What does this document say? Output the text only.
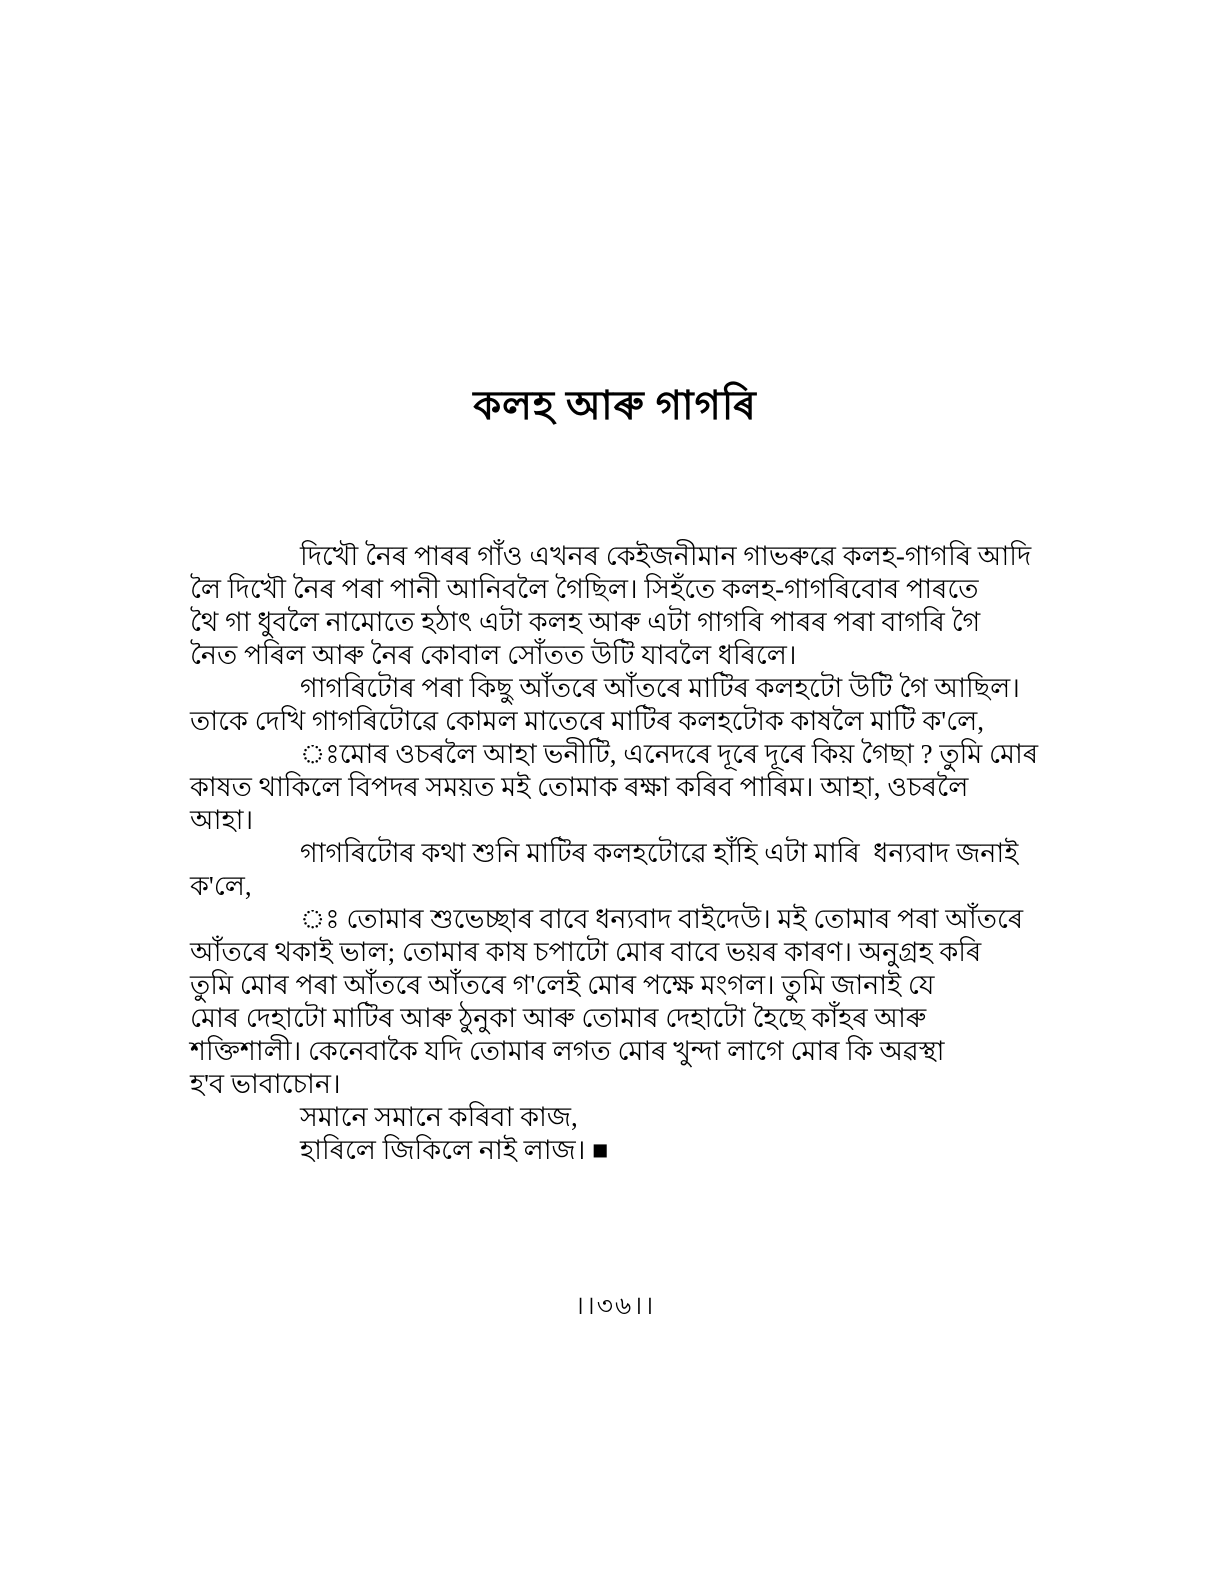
কলহ আৰু গাগৰি
দিখৌ নৈৰ পাৰৰ গাঁও এখনৰ কেইজনীমান গাভৰুৱে কলহ-গাগৰি আদি
লৈ দিখৌ নৈৰ পৰা পানী আনিবলৈ গৈছিল। সিহঁতে কলহ-গাগৰিবোৰ পাৰতে
থৈ গা ধুবলৈ নামোতে হঠাৎ এটা কলহ আৰু এটা গাগৰি পাৰৰ পৰা বাগৰি গৈ
নৈত পৰিল আৰু নৈৰ কোবাল সোঁতত উটি যাবলৈ ধৰিলে।
গাগৰিটোৰ পৰা কিছু আঁতৰে আঁতৰে মাটিৰ কলহটো উটি গৈ আছিল।
তাকে দেখি গাগৰিটোৱে কোমল মাতেৰে মাটিৰ কলহটোক কাষলৈ মাটি ক'লে,
ঃমোৰ ওচৰলৈ আহা ভনীটি, এনেদৰে দূৰে দূৰে কিয় গৈছা ? তুমি মোৰ
কাষত থাকিলে বিপদৰ সময়ত মই তোমাক ৰক্ষা কৰিব পাৰিম। আহা, ওচৰলৈ
আহা।
গাগৰিটোৰ কথা শুনি মাটিৰ কলহটোৱে হাঁহি এটা মাৰি  ধন্যবাদ জনাই
ক'লে,
ঃ তোমাৰ শুভেচ্ছাৰ বাবে ধন্যবাদ বাইদেউ। মই তোমাৰ পৰা আঁতৰে
আঁতৰে থকাই ভাল; তোমাৰ কাষ চপাটো মোৰ বাবে ভয়ৰ কাৰণ। অনুগ্ৰহ কৰি
তুমি মোৰ পৰা আঁতৰে আঁতৰে গ'লেই মোৰ পক্ষে মংগল। তুমি জানাই যে
মোৰ দেহাটো মাটিৰ আৰু ঠুনুকা আৰু তোমাৰ দেহাটো হৈছে কাঁহৰ আৰু
শক্তিশালী। কেনেবাকৈ যদি তোমাৰ লগত মোৰ খুন্দা লাগে মোৰ কি অৱস্থা
হ'ব ভাবাচোন।
সমানে সমানে কৰিবা কাজ,
হাৰিলে জিকিলে নাই লাজ। ■
।।৩৬।।
